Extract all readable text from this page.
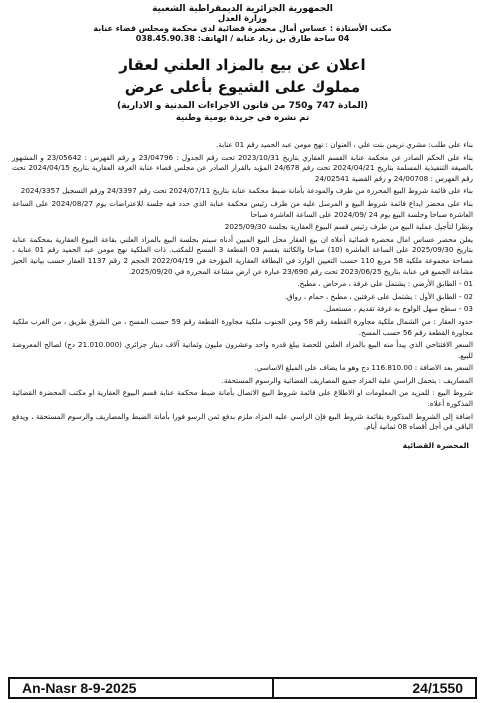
الجمهورية الجزائرية الديمقراطية الشعبية
وزارة العدل
مكتب الأستاذة : عساس أمال محضرة قضائية لدى محكمة ومجلس قضاء عنابة
04 ساحة طارق بن زياد عنابة / الهاتف: 038.45.90.38
اعلان عن بيع بالمزاد العلني لعقار
مملوك على الشيوع بأعلى عرض
(المادة 747 و750 من قانون الاجراءات المدنية و الادارية)
تم نشره في جريدة يومية وطنية

بناء على طلب: مشري نريمن بنت علي ، العنوان : نهج مومن عبد الحميد رقم 01 عنابة.

بناء على الحكم الصادر عن محكمة عنابة القسم العقاري بتاريخ 2023/10/31 تحت رقم الجدول : 23/04796 و رقم الفهرس : 23/05642 و المشهور بالصيغة التنفيذية المسلمة بتاريخ 2024/04/21 تحت رقم 24/678 المؤيد بالقرار الصادر عن مجلس قضاء عنابة الغرفة العقارية بتاريخ 2024/04/15 تحت رقم الفهرس : 24/00708 و رقم القضية 24/02541

بناء على قائمة شروط البيع المحررة من طرف والمودعة بأمانة ضبط محكمة عنابة بتاريخ 2024/07/11 تحت رقم 24/3397 ورقم التسجيل 2024/3357

بناء على محضر ايداع قائمة شروط البيع و المرسل عليه من طرف رئيس محكمة عنابة الذي حدد فيه جلسة للاعتراضات يوم 2024/08/27 على الساعة العاشرة صباحا وجلسة البيع يوم 24 /2024/09 على الساعة العاشرة صباحا

ونظرا لتأجيل عملية البيع من طرف رئيس قسم البيوع العقارية بجلسة 2025/09/30

يعلن محضر عساس امال محضرة قضائية أعلاه ان بيع العقار محل البيع المبين أدناه سيتم بجلسة البيع بالمزاد العلني بقاعة البيوع العقارية بمحكمة عنابة بتاريخ 2025/09/30 على الساعة العاشرة (10) صباحا والكائنة بقسم 03 القطعة 3 المسح للمكتب. ذات الملكية نهج مومن عبد الحميد رقم 01 عنابة ، مساحة مجموعة ملكية 58 مربع 110 حسب التعيين الوارد في البطاقة العقارية المؤرخة في 2022/04/19 الحجم 2 رقم 1137 العقار حسب بيانية الحيز مشاعة الجميع في عنابة بتاريخ 2023/06/25 تحت رقم 23/690 عبارة عن ارض مشاعة المحررة في 2025/09/20.

01 - الطابق الأرضي : يشتمل على غرفة ، مرحاض ، مطبخ.

02 - الطابق الأول : يشتمل على غرفتين ، مطبخ ، حمام ، رواق.

03 - سطح سهل الولوج به غرفة تقديم ، مستعمل.

حدود العقار : من الشمال ملكية مجاورة القطعة رقم 58 ومن الجنوب ملكية مجاورة القطعة رقم 59 حسب المسح ، من الشرق طريق ، من الغرب ملكية مجاورة القطعة رقم 56 حسب المسح.

السعر الافتتاحي الذي يبدأ منه البيع بالمزاد العلني للحصة يبلغ قدره واحد وعشرون مليون وثمانية آلاف دينار جزائري (21.010.000 دج) لصالح المعروضة للبيع.

السعر بعد الاضافة : 116.810.00 دج وهو ما يضاف على المبلغ الاساسي.

المصاريف : يتحمل الراسي عليه المزاد جميع المصاريف القضائية والرسوم المستحقة.

شروط البيع : للمزيد من المعلومات او الاطلاع على قائمة شروط البيع الاتصال بأمانة ضبط محكمة عنابة قسم البيوع العقارية او مكتب المحضرة القضائية المذكورة أعلاه.

اضافة إلى الشروط المذكورة بقائمة شروط البيع فإن الراسي عليه المزاد ملزم بدفع ثمن الرسو فورا بأمانة الضبط والمصاريف والرسوم المستحقة ، ويدفع الباقي في أجل أقصاه 08 ثمانية أيام.

المحضرة القضائية
An-Nasr 8-9-2025	24/1550
